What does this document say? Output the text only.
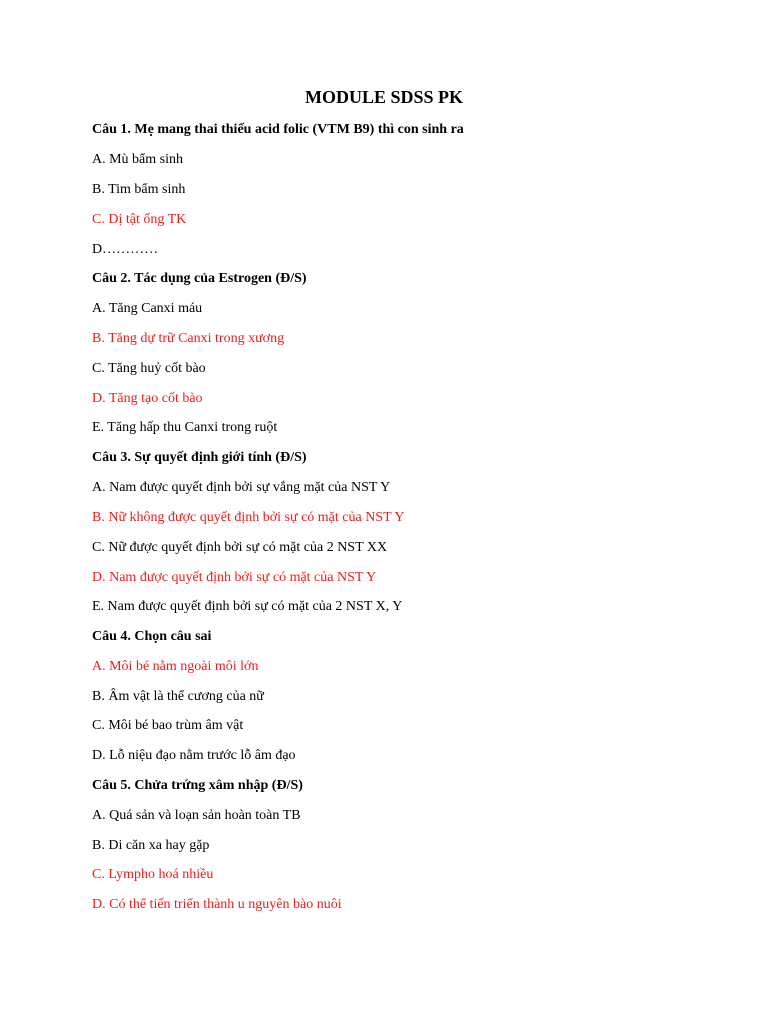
MODULE SDSS PK
Câu 1. Mẹ mang thai thiếu acid folic (VTM B9) thì con sinh ra
A. Mù bẩm sinh
B. Tim bẩm sinh
C. Dị tật ống TK
D…………
Câu 2. Tác dụng của Estrogen (Đ/S)
A. Tăng Canxi máu
B. Tăng dự trữ Canxi trong xương
C. Tăng huỷ cốt bào
D. Tăng tạo cốt bào
E. Tăng hấp thu Canxi trong ruột
Câu 3. Sự quyết định giới tính (Đ/S)
A. Nam được quyết định bởi sự vắng mặt của NST Y
B. Nữ không được quyết định bởi sự có mặt của NST Y
C. Nữ được quyết định bởi sự có mặt của 2 NST XX
D. Nam được quyết định bởi sự có mặt của NST Y
E. Nam được quyết định bởi sự có mặt của 2 NST X, Y
Câu 4. Chọn câu sai
A. Môi bé nằm ngoài môi lớn
B. Âm vật là thể cương của nữ
C. Môi bé bao trùm âm vật
D. Lỗ niệu đạo nằm trước lỗ âm đạo
Câu 5. Chửa trứng xâm nhập (Đ/S)
A. Quá sản và loạn sản hoàn toàn TB
B. Di căn xa hay gặp
C. Lympho hoá nhiều
D. Có thể tiến triển thành u nguyên bào nuôi
